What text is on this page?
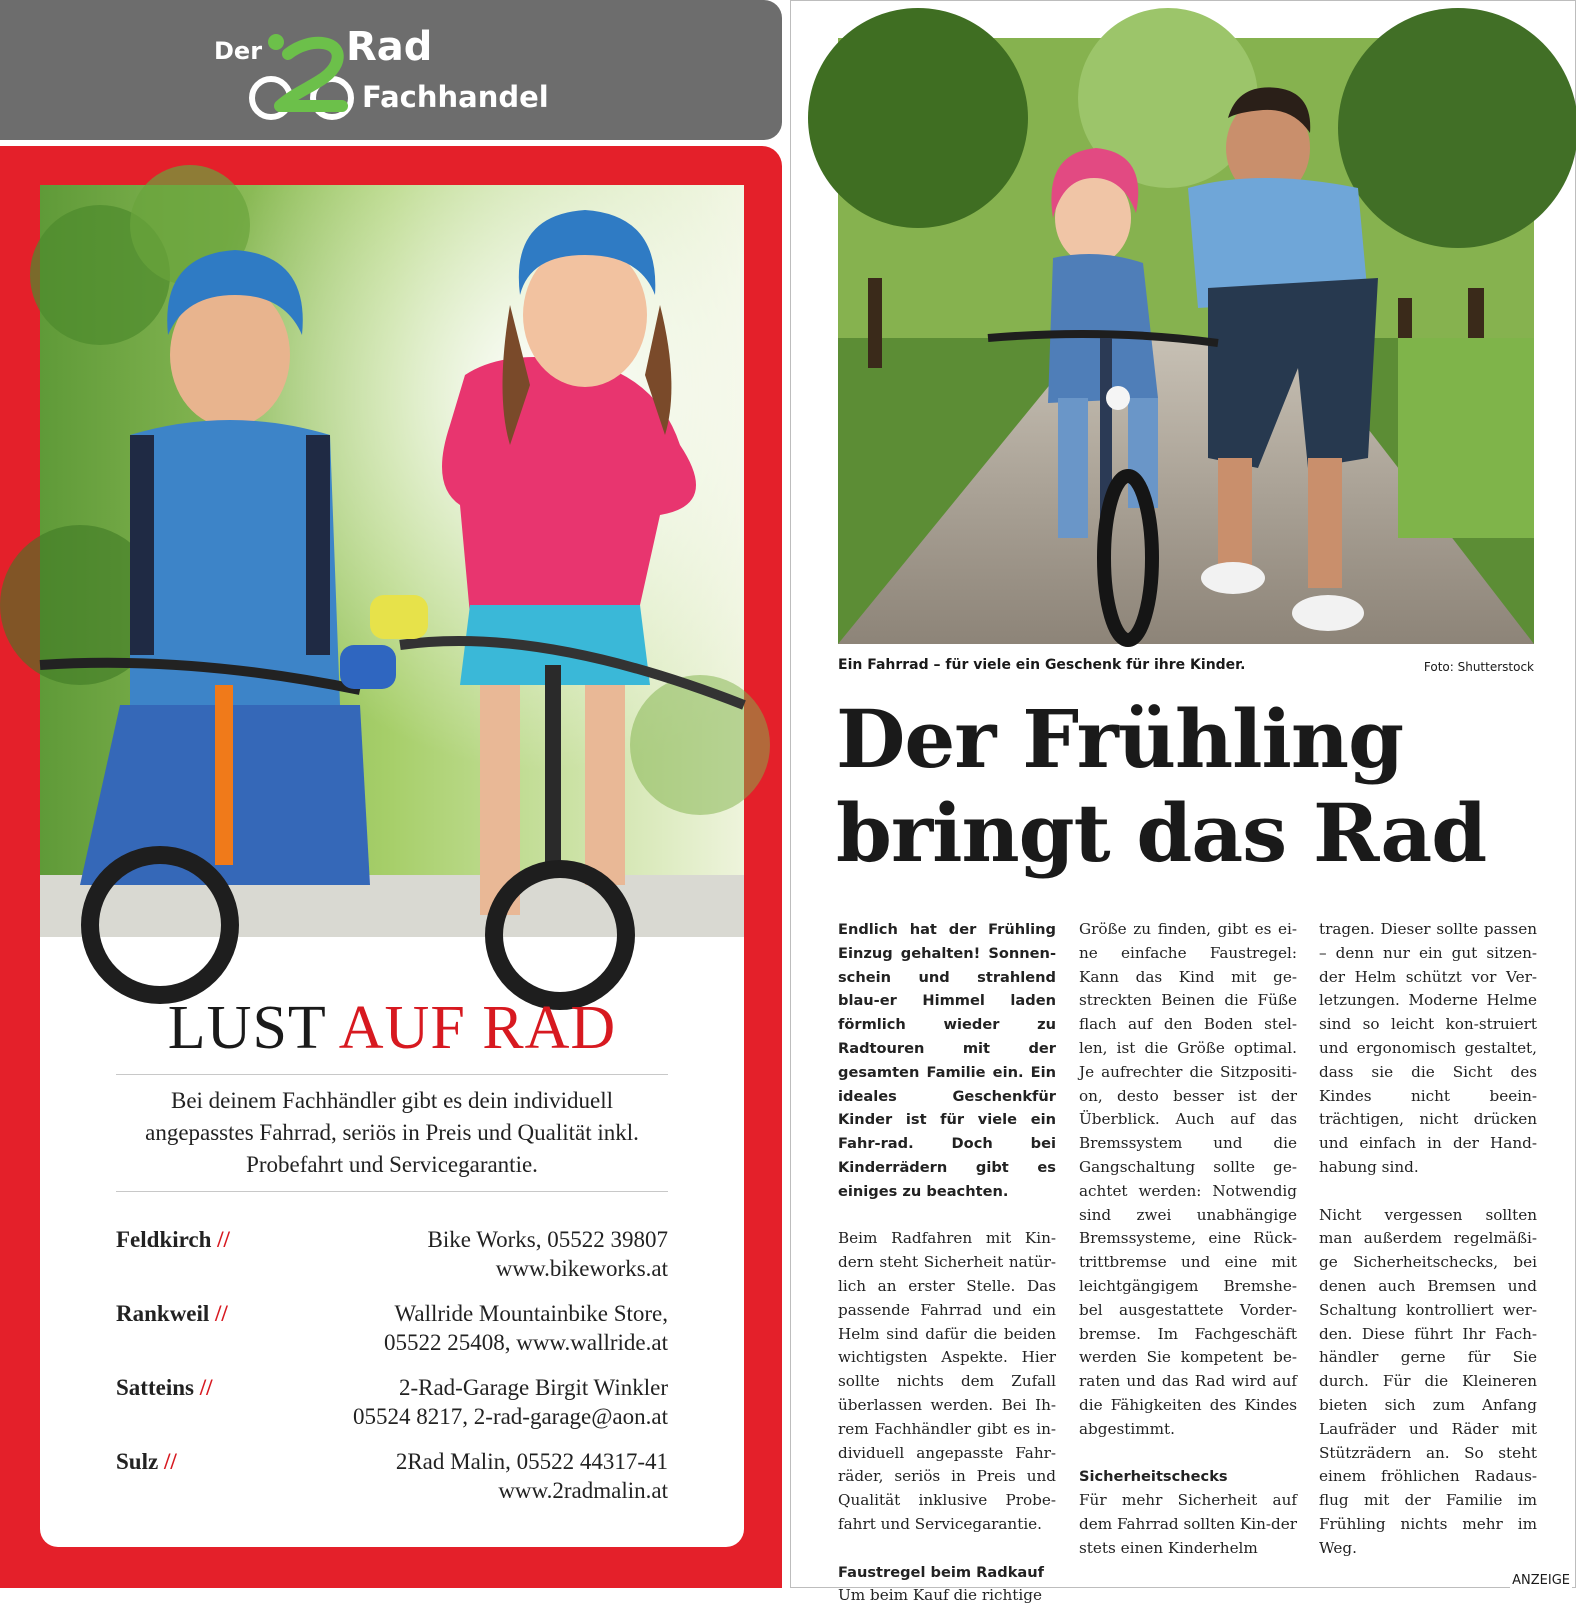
Der Rad
Fachhandel
LUST AUF RAD
Bei deinem Fachhändler gibt es dein individuell angepasstes Fahrrad, seriös in Preis und Qualität inkl. Probefahrt und Servicegarantie.
Feldkirch //	Bike Works, 05522 39807
www.bikeworks.at
Rankweil //	Wallride Mountainbike Store,
05522 25408, www.wallride.at
Satteins //	2-Rad-Garage Birgit Winkler
05524 8217, 2-rad-garage@aon.at
Sulz //	2Rad Malin, 05522 44317-41
www.2radmalin.at
Ein Fahrrad – für viele ein Geschenk für ihre Kinder.	Foto: Shutterstock
Der Frühling
bringt das Rad

Endlich hat der Frühling Einzug gehalten! Sonnen-schein und strahlend blau-er Himmel laden förmlich wieder zu Radtouren mit der gesamten Familie ein. Ein ideales Geschenkfür Kinder ist für viele ein Fahr-rad. Doch bei Kinderrädern gibt es einiges zu beachten.

Beim Radfahren mit Kin-dern steht Sicherheit natür-lich an erster Stelle. Das passende Fahrrad und ein Helm sind dafür die beiden wichtigsten Aspekte. Hier sollte nichts dem Zufall überlassen werden. Bei Ih-rem Fachhändler gibt es in-dividuell angepasste Fahr-räder, seriös in Preis und Qualität inklusive Probe-fahrt und Servicegarantie.

Faustregel beim Radkauf
Um beim Kauf die richtige

Größe zu finden, gibt es ei-ne einfache Faustregel: Kann das Kind mit ge-streckten Beinen die Füße flach auf den Boden stel-len, ist die Größe optimal. Je aufrechter die Sitzpositi-on, desto besser ist der Überblick. Auch auf das Bremssystem und die Gangschaltung sollte ge-achtet werden: Notwendig sind zwei unabhängige Bremssysteme, eine Rück-trittbremse und eine mit leichtgängigem Bremshe-bel ausgestattete Vorder-bremse. Im Fachgeschäft werden Sie kompetent be-raten und das Rad wird auf die Fähigkeiten des Kindes abgestimmt.

Sicherheitschecks
Für mehr Sicherheit auf dem Fahrrad sollten Kin-der stets einen Kinderhelm

tragen. Dieser sollte passen – denn nur ein gut sitzen-der Helm schützt vor Ver-letzungen. Moderne Helme sind so leicht kon-struiert und ergonomisch gestaltet, dass sie die Sicht des Kindes nicht beein-trächtigen, nicht drücken und einfach in der Hand-habung sind.

Nicht vergessen sollten man außerdem regelmäßi-ge Sicherheitschecks, bei denen auch Bremsen und Schaltung kontrolliert wer-den. Diese führt Ihr Fach-händler gerne für Sie durch. Für die Kleineren bieten sich zum Anfang Laufräder und Räder mit Stützrädern an. So steht einem fröhlichen Radaus-flug mit der Familie im Frühling nichts mehr im Weg.

ANZEIGE
